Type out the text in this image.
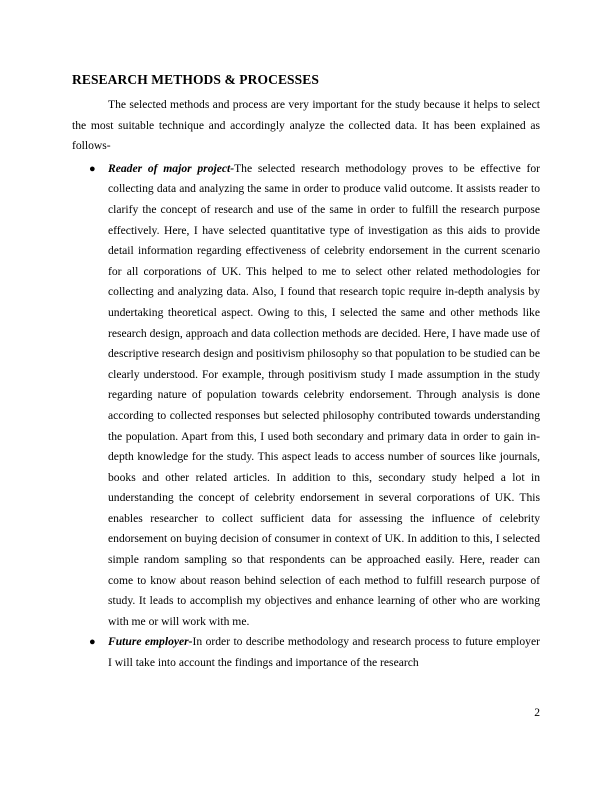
RESEARCH METHODS & PROCESSES

The selected methods and process are very important for the study because it helps to select the most suitable technique and accordingly analyze the collected data. It has been explained as follows-

● Reader of major project-The selected research methodology proves to be effective for collecting data and analyzing the same in order to produce valid outcome. It assists reader to clarify the concept of research and use of the same in order to fulfill the research purpose effectively. Here, I have selected quantitative type of investigation as this aids to provide detail information regarding effectiveness of celebrity endorsement in the current scenario for all corporations of UK. This helped to me to select other related methodologies for collecting and analyzing data. Also, I found that research topic require in-depth analysis by undertaking theoretical aspect. Owing to this, I selected the same and other methods like research design, approach and data collection methods are decided. Here, I have made use of descriptive research design and positivism philosophy so that population to be studied can be clearly understood. For example, through positivism study I made assumption in the study regarding nature of population towards celebrity endorsement. Through analysis is done according to collected responses but selected philosophy contributed towards understanding the population. Apart from this, I used both secondary and primary data in order to gain in-depth knowledge for the study. This aspect leads to access number of sources like journals, books and other related articles. In addition to this, secondary study helped a lot in understanding the concept of celebrity endorsement in several corporations of UK. This enables researcher to collect sufficient data for assessing the influence of celebrity endorsement on buying decision of consumer in context of UK. In addition to this, I selected simple random sampling so that respondents can be approached easily. Here, reader can come to know about reason behind selection of each method to fulfill research purpose of study. It leads to accomplish my objectives and enhance learning of other who are working with me or will work with me.
● Future employer-In order to describe methodology and research process to future employer I will take into account the findings and importance of the research
2
